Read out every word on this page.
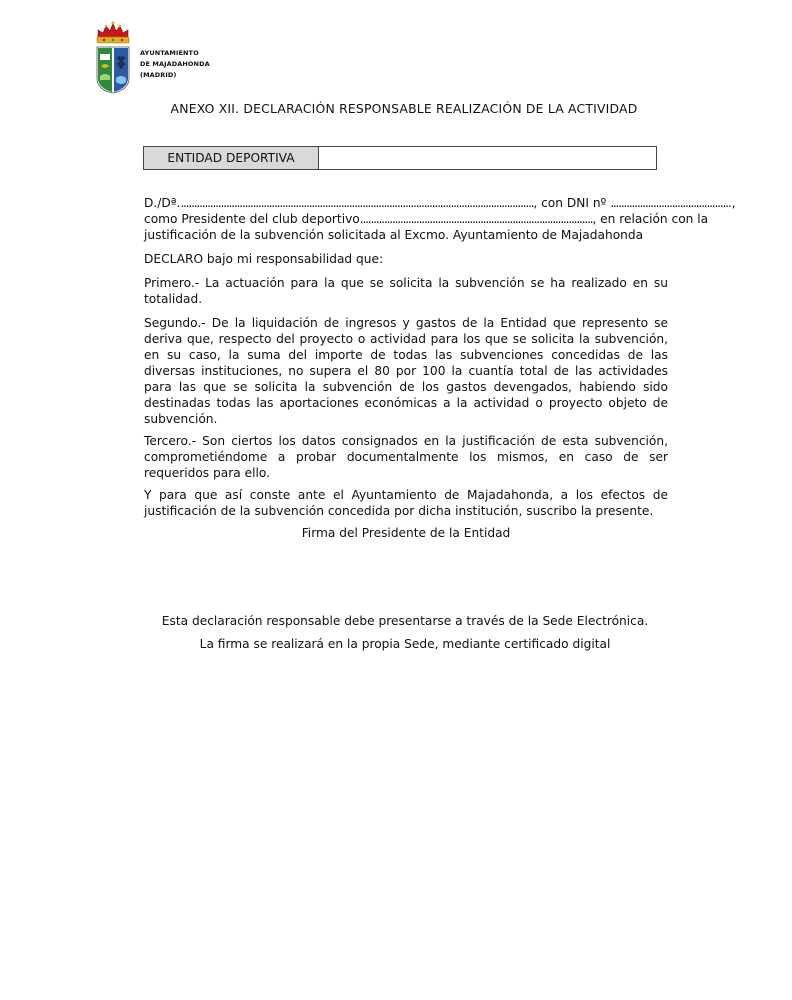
AYUNTAMIENTO
DE MAJADAHONDA
(MADRID)
ANEXO XII. DECLARACIÓN RESPONSABLE REALIZACIÓN DE LA ACTIVIDAD
ENTIDAD DEPORTIVA

D./Dª....................................................................................................................................., con DNI nº .............................................,
como Presidente del club deportivo......................................................................................., en relación con la
justificación de la subvención solicitada al Excmo. Ayuntamiento de Majadahonda

DECLARO bajo mi responsabilidad que:

Primero.- La actuación para la que se solicita la subvención se ha realizado en su totalidad.

Segundo.- De la liquidación de ingresos y gastos de la Entidad que represento se deriva que, respecto del proyecto o actividad para los que se solicita la subvención, en su caso, la suma del importe de todas las subvenciones concedidas de las diversas instituciones, no supera el 80 por 100 la cuantía total de las actividades para las que se solicita la subvención de los gastos devengados, habiendo sido destinadas todas las aportaciones económicas a la actividad o proyecto objeto de subvención.

Tercero.- Son ciertos los datos consignados en la justificación de esta subvención, comprometiéndome a probar documentalmente los mismos, en caso de ser requeridos para ello.

Y para que así conste ante el Ayuntamiento de Majadahonda, a los efectos de justificación de la subvención concedida por dicha institución, suscribo la presente.

Firma del Presidente de la Entidad
Esta declaración responsable debe presentarse a través de la Sede Electrónica.
La firma se realizará en la propia Sede, mediante certificado digital
